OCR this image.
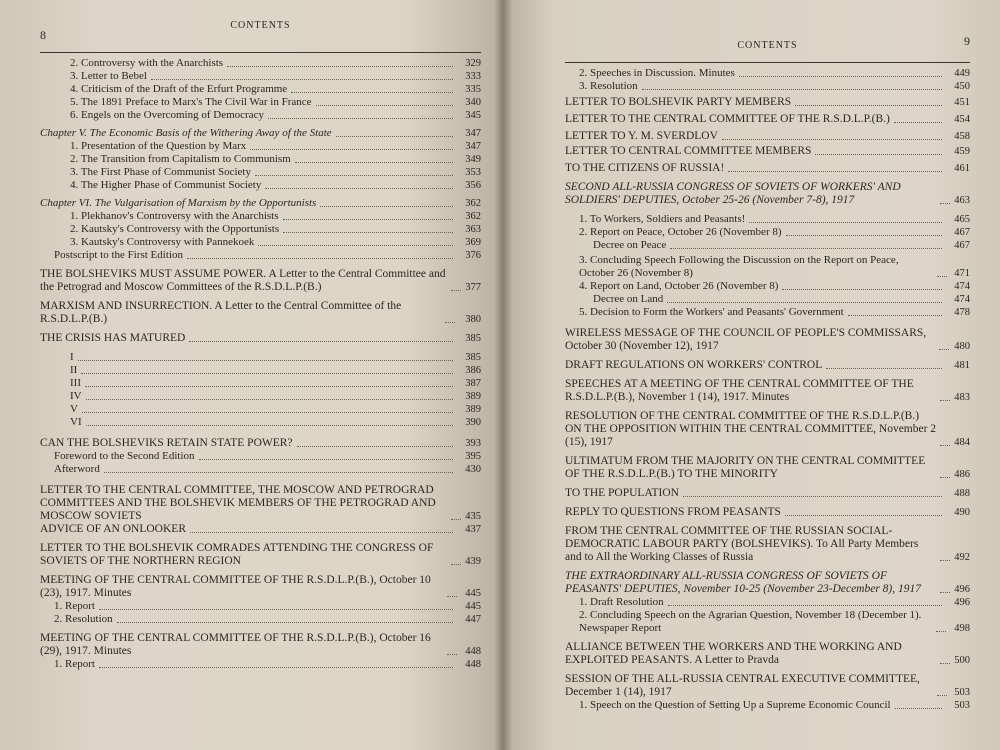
8
CONTENTS
2. Controversy with the Anarchists	329
3. Letter to Bebel	333
4. Criticism of the Draft of the Erfurt Programme	335
5. The 1891 Preface to Marx's The Civil War in France	340
6. Engels on the Overcoming of Democracy	345
Chapter V. The Economic Basis of the Withering Away of the State	347
1. Presentation of the Question by Marx	347
2. The Transition from Capitalism to Communism	349
3. The First Phase of Communist Society	353
4. The Higher Phase of Communist Society	356
Chapter VI. The Vulgarisation of Marxism by the Opportunists	362
1. Plekhanov's Controversy with the Anarchists	362
2. Kautsky's Controversy with the Opportunists	363
3. Kautsky's Controversy with Pannekoek	369
Postscript to the First Edition	376
THE BOLSHEVIKS MUST ASSUME POWER. A Letter to the Central Committee and the Petrograd and Moscow Committees of the R.S.D.L.P.(B.)	377
MARXISM AND INSURRECTION. A Letter to the Central Committee of the R.S.D.L.P.(B.)	380
THE CRISIS HAS MATURED	385
I	385
II	386
III	387
IV	389
V	389
VI	390
CAN THE BOLSHEVIKS RETAIN STATE POWER?	393
Foreword to the Second Edition	395
Afterword	430
LETTER TO THE CENTRAL COMMITTEE, THE MOSCOW AND PETROGRAD COMMITTEES AND THE BOLSHEVIK MEMBERS OF THE PETROGRAD AND MOSCOW SOVIETS	435
ADVICE OF AN ONLOOKER	437
LETTER TO THE BOLSHEVIK COMRADES ATTENDING THE CONGRESS OF SOVIETS OF THE NORTHERN REGION	439
MEETING OF THE CENTRAL COMMITTEE OF THE R.S.D.L.P.(B.), October 10 (23), 1917. Minutes	445
1. Report	445
2. Resolution	447
MEETING OF THE CENTRAL COMMITTEE OF THE R.S.D.L.P.(B.), October 16 (29), 1917. Minutes	448
1. Report	448
CONTENTS	9
2. Speeches in Discussion. Minutes	449
3. Resolution	450
LETTER TO BOLSHEVIK PARTY MEMBERS	451
LETTER TO THE CENTRAL COMMITTEE OF THE R.S.D.L.P.(B.)	454
LETTER TO Y. M. SVERDLOV	458
LETTER TO CENTRAL COMMITTEE MEMBERS	459
TO THE CITIZENS OF RUSSIA!	461
SECOND ALL-RUSSIA CONGRESS OF SOVIETS OF WORKERS' AND SOLDIERS' DEPUTIES, October 25-26 (November 7-8), 1917	463
1. To Workers, Soldiers and Peasants!	465
2. Report on Peace, October 26 (November 8)	467
Decree on Peace	467
3. Concluding Speech Following the Discussion on the Report on Peace, October 26 (November 8)	471
4. Report on Land, October 26 (November 8)	474
Decree on Land	474
5. Decision to Form the Workers' and Peasants' Government	478
WIRELESS MESSAGE OF THE COUNCIL OF PEOPLE'S COMMISSARS, October 30 (November 12), 1917	480
DRAFT REGULATIONS ON WORKERS' CONTROL	481
SPEECHES AT A MEETING OF THE CENTRAL COMMITTEE OF THE R.S.D.L.P.(B.), November 1 (14), 1917. Minutes	483
RESOLUTION OF THE CENTRAL COMMITTEE OF THE R.S.D.L.P.(B.) ON THE OPPOSITION WITHIN THE CENTRAL COMMITTEE, November 2 (15), 1917	484
ULTIMATUM FROM THE MAJORITY ON THE CENTRAL COMMITTEE OF THE R.S.D.L.P.(B.) TO THE MINORITY	486
TO THE POPULATION	488
REPLY TO QUESTIONS FROM PEASANTS	490
FROM THE CENTRAL COMMITTEE OF THE RUSSIAN SOCIAL-DEMOCRATIC LABOUR PARTY (BOLSHEVIKS). To All Party Members and to All the Working Classes of Russia	492
THE EXTRAORDINARY ALL-RUSSIA CONGRESS OF SOVIETS OF PEASANTS' DEPUTIES, November 10-25 (November 23-December 8), 1917	496
1. Draft Resolution	496
2. Concluding Speech on the Agrarian Question, November 18 (December 1). Newspaper Report	498
ALLIANCE BETWEEN THE WORKERS AND THE WORKING AND EXPLOITED PEASANTS. A Letter to Pravda	500
SESSION OF THE ALL-RUSSIA CENTRAL EXECUTIVE COMMITTEE, December 1 (14), 1917	503
1. Speech on the Question of Setting Up a Supreme Economic Council	503
